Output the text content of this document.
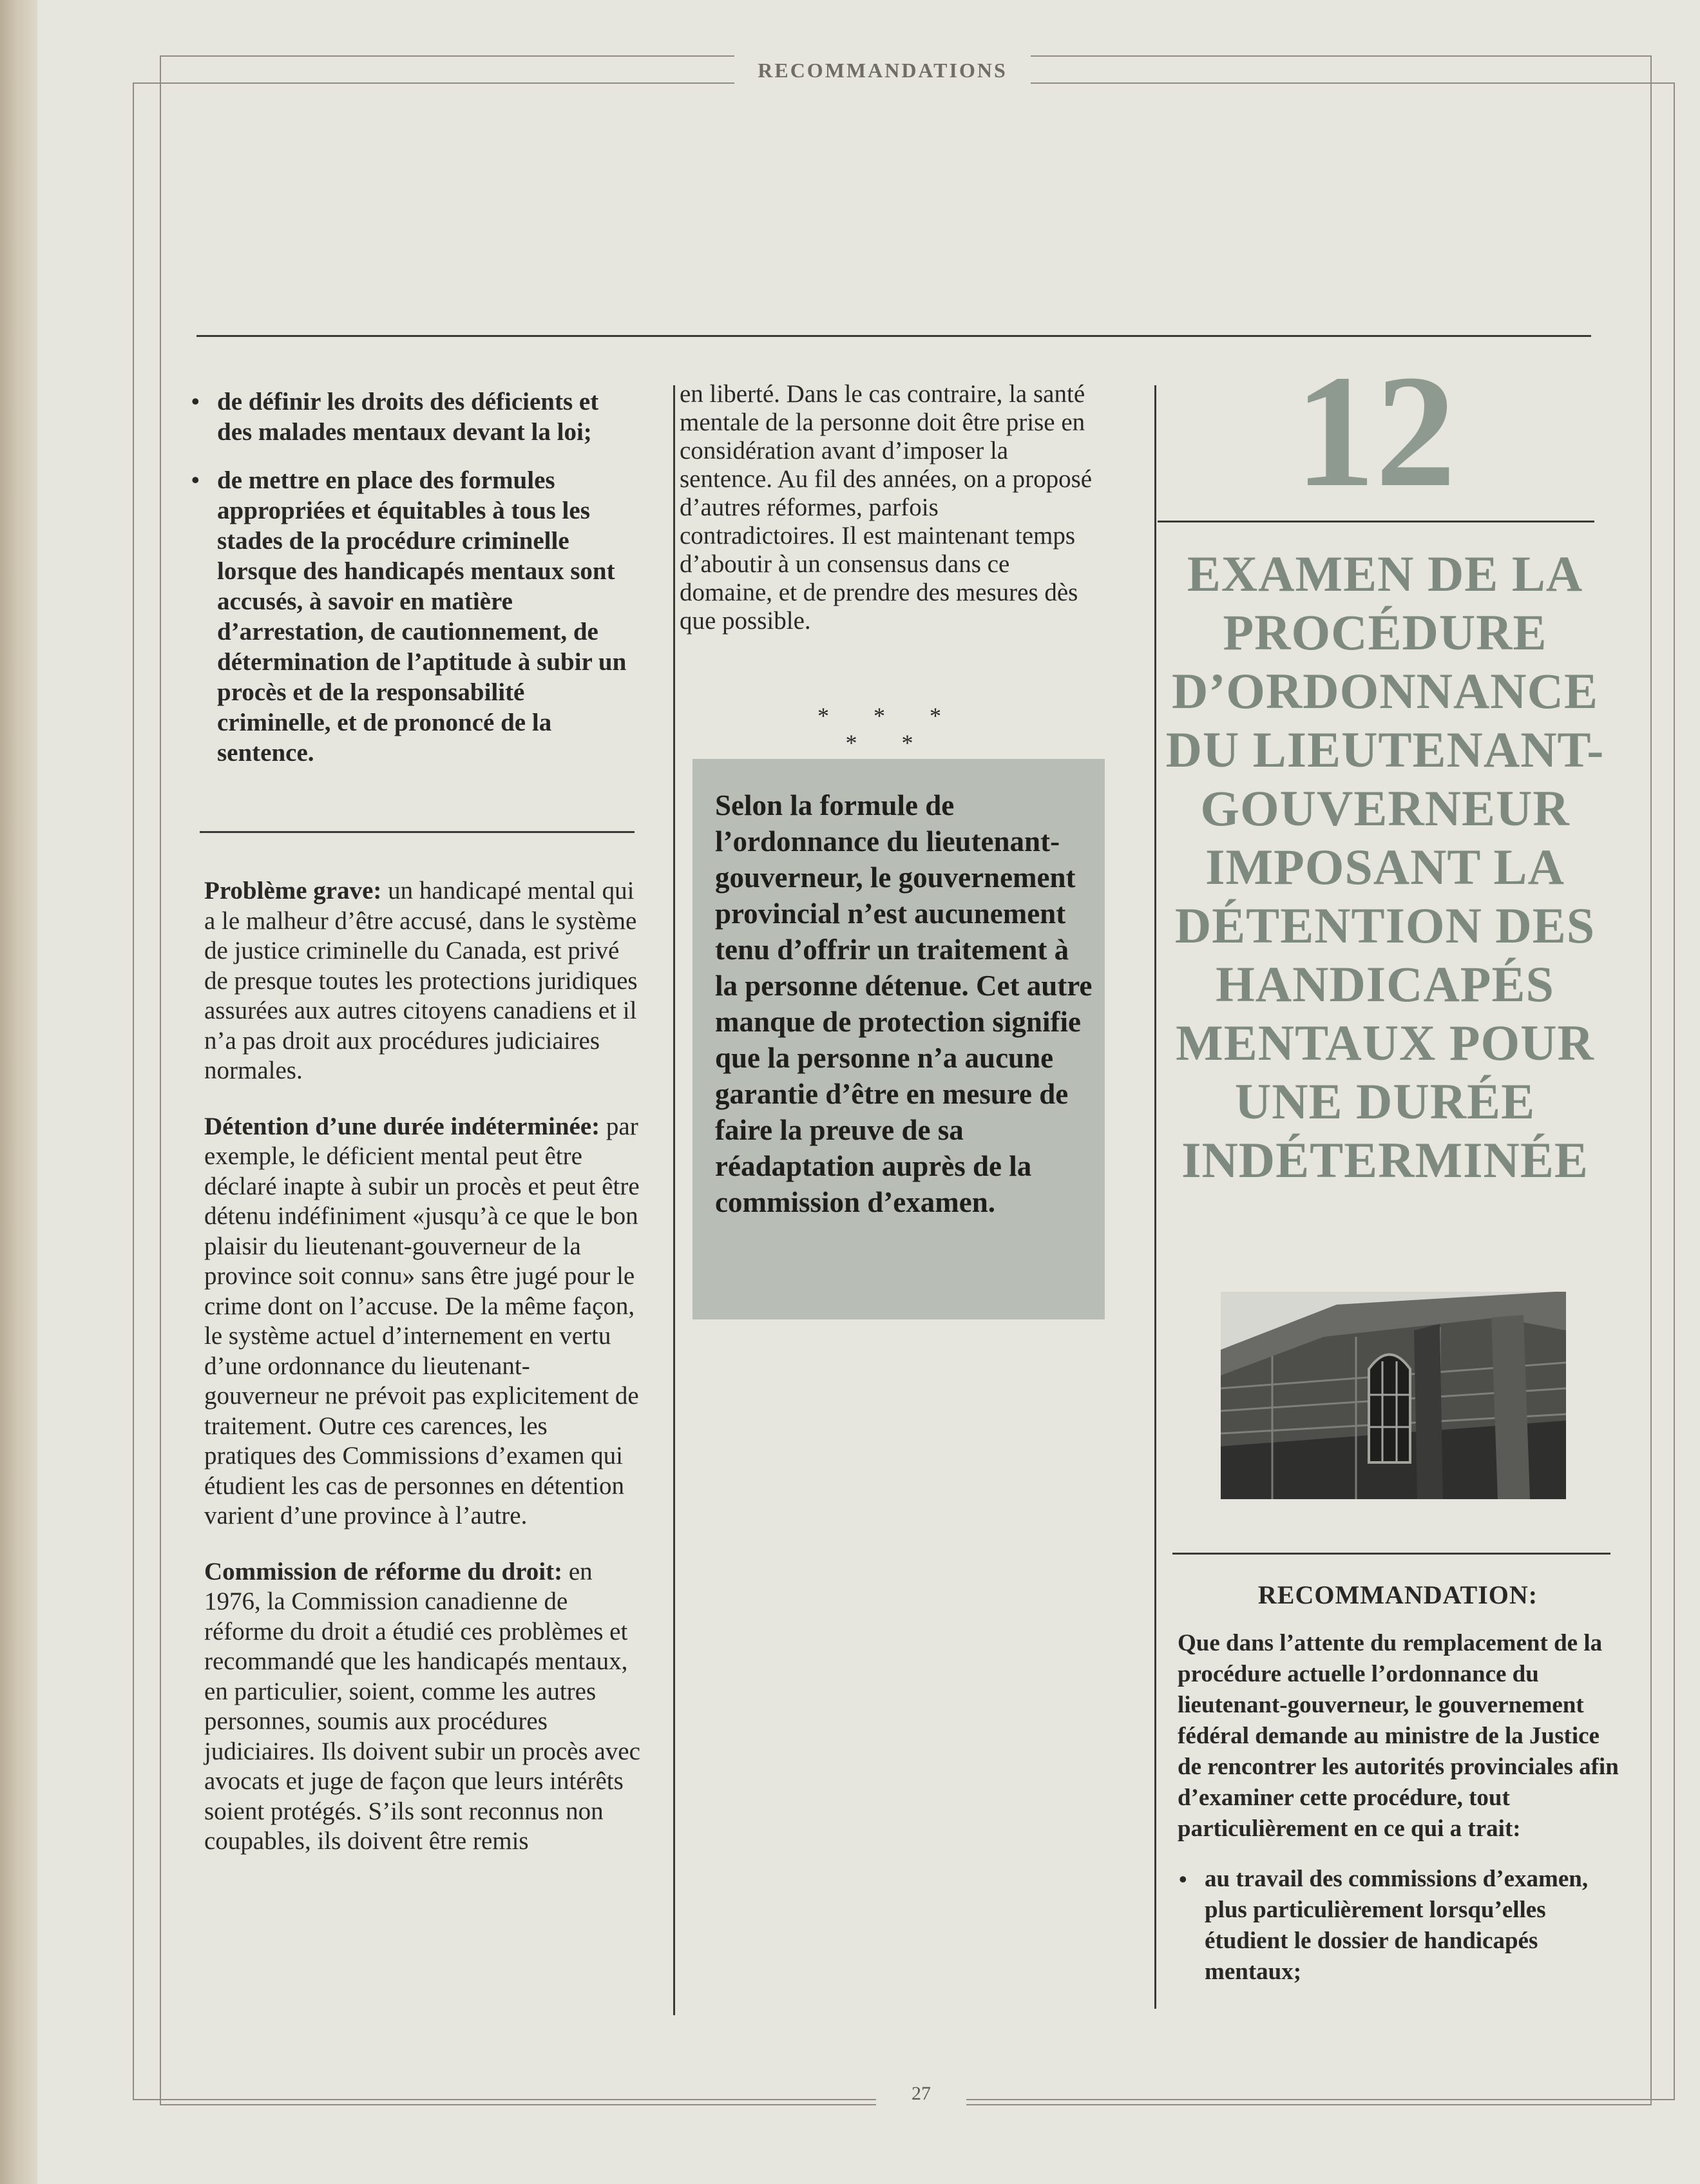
RECOMMANDATIONS
• de définir les droits des déficients et des malades mentaux devant la loi;
• de mettre en place des formules appropriées et équitables à tous les stades de la procédure criminelle lorsque des handicapés mentaux sont accusés, à savoir en matière d’arrestation, de cautionnement, de détermination de l’aptitude à subir un procès et de la responsabilité criminelle, et de prononcé de la sentence.

Problème grave: un handicapé mental qui a le malheur d’être accusé, dans le système de justice criminelle du Canada, est privé de presque toutes les protections juridiques assurées aux autres citoyens canadiens et il n’a pas droit aux procédures judiciaires normales.

Détention d’une durée indéterminée: par exemple, le déficient mental peut être déclaré inapte à subir un procès et peut être détenu indéfiniment «jusqu’à ce que le bon plaisir du lieutenant-gouverneur de la province soit connu» sans être jugé pour le crime dont on l’accuse. De la même façon, le système actuel d’internement en vertu d’une ordonnance du lieutenant-gouverneur ne prévoit pas explicitement de traitement. Outre ces carences, les pratiques des Commissions d’examen qui étudient les cas de personnes en détention varient d’une province à l’autre.

Commission de réforme du droit: en 1976, la Commission canadienne de réforme du droit a étudié ces problèmes et recommandé que les handicapés mentaux, en particulier, soient, comme les autres personnes, soumis aux procédures judiciaires. Ils doivent subir un procès avec avocats et juge de façon que leurs intérêts soient protégés. S’ils sont reconnus non coupables, ils doivent être remis

en liberté. Dans le cas contraire, la santé mentale de la personne doit être prise en considération avant d’imposer la sentence. Au fil des années, on a proposé d’autres réformes, parfois contradictoires. Il est maintenant temps d’aboutir à un consensus dans ce domaine, et de prendre des mesures dès que possible.

* * * * *
Selon la formule de l’ordonnance du lieutenant-gouverneur, le gouvernement provincial n’est aucunement tenu d’offrir un traitement à la personne détenue. Cet autre manque de protection signifie que la personne n’a aucune garantie d’être en mesure de faire la preuve de sa réadaptation auprès de la commission d’examen.
12
EXAMEN DE LA PROCÉDURE D’ORDONNANCE DU LIEUTENANT-GOUVERNEUR IMPOSANT LA DÉTENTION DES HANDICAPÉS MENTAUX POUR UNE DURÉE INDÉTERMINÉE
RECOMMANDATION:

Que dans l’attente du remplacement de la procédure actuelle l’ordonnance du lieutenant-gouverneur, le gouvernement fédéral demande au ministre de la Justice de rencontrer les autorités provinciales afin d’examiner cette procédure, tout particulièrement en ce qui a trait:

• au travail des commissions d’examen, plus particulièrement lorsqu’elles étudient le dossier de handicapés mentaux;
27
